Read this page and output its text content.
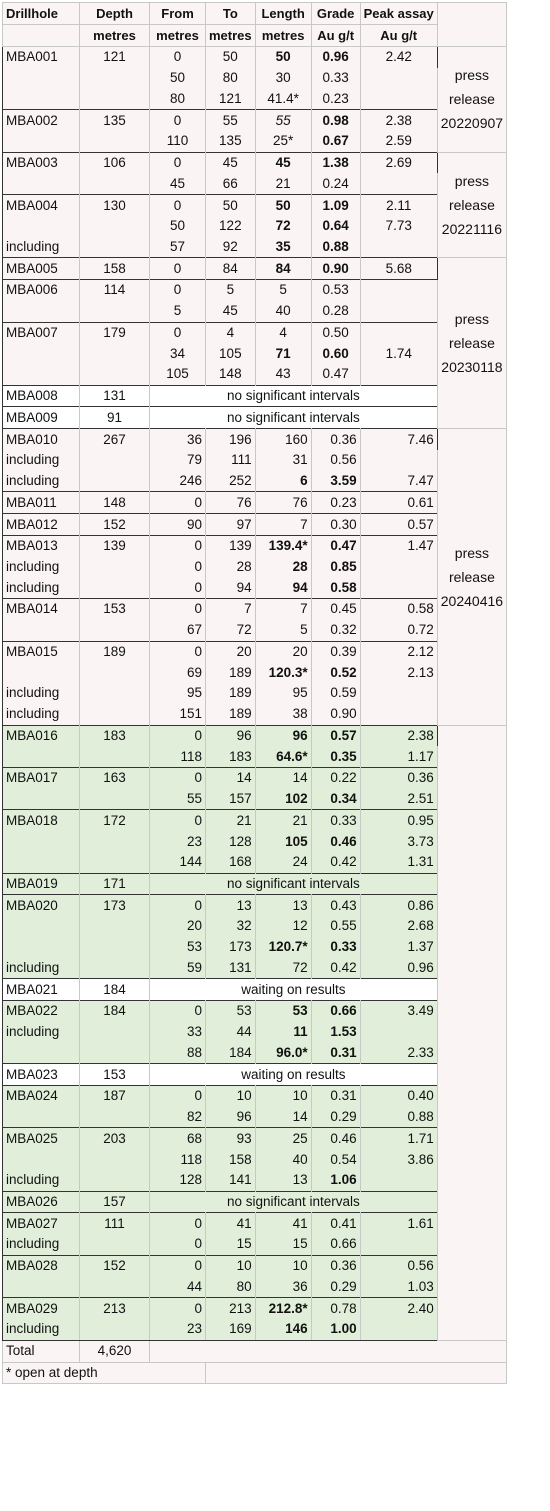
Drillhole	Depth	From	To	Length	Grade	Peak assay	
	metres	metres	metres	metres	Au g/t	Au g/t	
MBA001	121	0	50	50	0.96	2.42	press release 20220907
		50	80	30	0.33		
		80	121	41.4*	0.23		
MBA002	135	0	55	55	0.98	2.38	
		110	135	25*	0.67	2.59	
MBA003	106	0	45	45	1.38	2.69	press release 20221116
		45	66	21	0.24		
MBA004	130	0	50	50	1.09	2.11	
		50	122	72	0.64	7.73	
including		57	92	35	0.88		
MBA005	158	0	84	84	0.90	5.68	press release 20230118
MBA006	114	0	5	5	0.53		
		5	45	40	0.28		
MBA007	179	0	4	4	0.50		
		34	105	71	0.60	1.74	
		105	148	43	0.47		
MBA008	131	no significant intervals					
MBA009	91	no significant intervals					
MBA010	267	36	196	160	0.36	7.46	press release 20240416
including		79	111	31	0.56		
including		246	252	6	3.59	7.47	
MBA011	148	0	76	76	0.23	0.61	
MBA012	152	90	97	7	0.30	0.57	
MBA013	139	0	139	139.4*	0.47	1.47	
including		0	28	28	0.85		
including		0	94	94	0.58		
MBA014	153	0	7	7	0.45	0.58	
		67	72	5	0.32	0.72	
MBA015	189	0	20	20	0.39	2.12	
		69	189	120.3*	0.52	2.13	
including		95	189	95	0.59		
including		151	189	38	0.90		
MBA016	183	0	96	96	0.57	2.38	
		118	183	64.6*	0.35	1.17	
MBA017	163	0	14	14	0.22	0.36	
		55	157	102	0.34	2.51	
MBA018	172	0	21	21	0.33	0.95	
		23	128	105	0.46	3.73	
		144	168	24	0.42	1.31	
MBA019	171	no significant intervals					
MBA020	173	0	13	13	0.43	0.86	
		20	32	12	0.55	2.68	
		53	173	120.7*	0.33	1.37	
including		59	131	72	0.42	0.96	
MBA021	184	waiting on results					
MBA022	184	0	53	53	0.66	3.49	
including		33	44	11	1.53		
		88	184	96.0*	0.31	2.33	
MBA023	153	waiting on results					
MBA024	187	0	10	10	0.31	0.40	
		82	96	14	0.29	0.88	
MBA025	203	68	93	25	0.46	1.71	
		118	158	40	0.54	3.86	
including		128	141	13	1.06		
MBA026	157	no significant intervals					
MBA027	111	0	41	41	0.41	1.61	
including		0	15	15	0.66		
MBA028	152	0	10	10	0.36	0.56	
		44	80	36	0.29	1.03	
MBA029	213	0	213	212.8*	0.78	2.40	
including		23	169	146	1.00		
Total	4,620						
* open at depth							
